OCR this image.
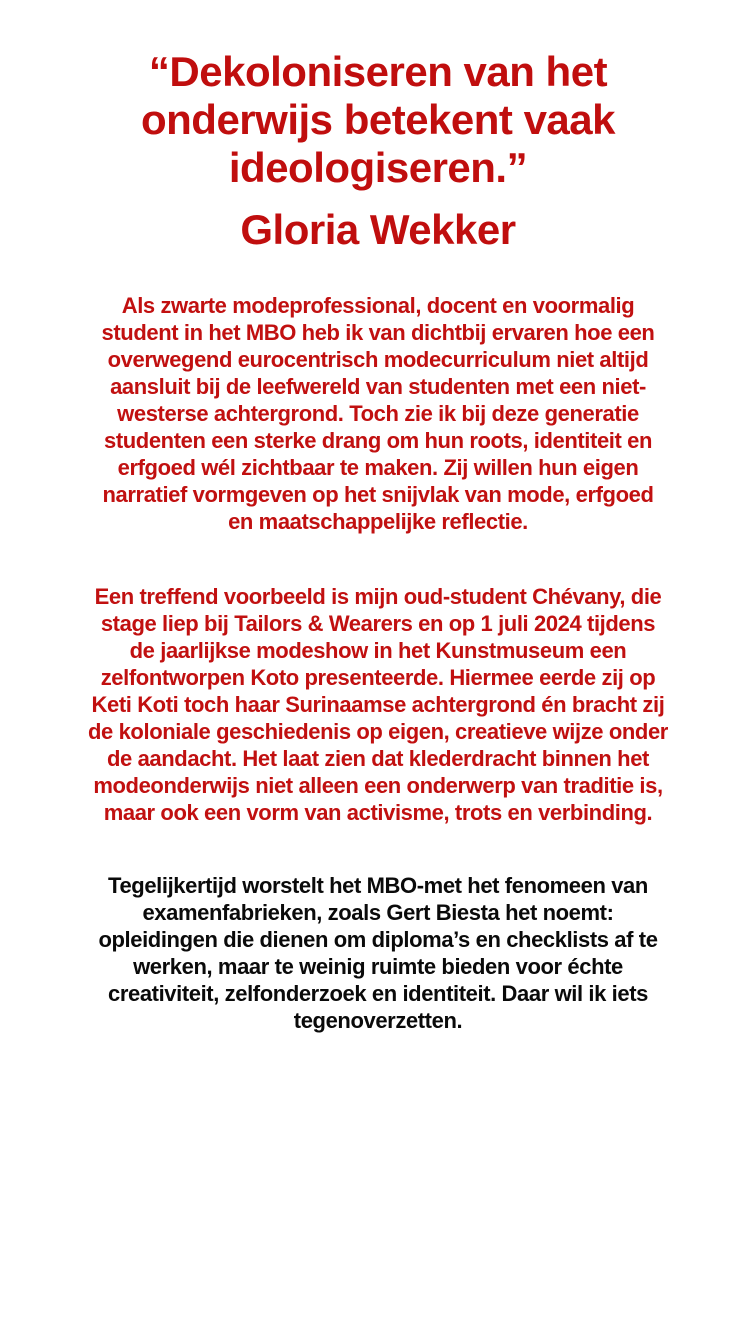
“Dekoloniseren van het
onderwijs betekent vaak
ideologiseren.”
Gloria Wekker

Als zwarte modeprofessional, docent en voormalig
student in het MBO heb ik van dichtbij ervaren hoe een
overwegend eurocentrisch modecurriculum niet altijd
aansluit bij de leefwereld van studenten met een niet-
westerse achtergrond. Toch zie ik bij deze generatie
studenten een sterke drang om hun roots, identiteit en
erfgoed wél zichtbaar te maken. Zij willen hun eigen
narratief vormgeven op het snijvlak van mode, erfgoed
en maatschappelijke reflectie.

Een treffend voorbeeld is mijn oud-student Chévany, die
stage liep bij Tailors & Wearers en op 1 juli 2024 tijdens
de jaarlijkse modeshow in het Kunstmuseum een
zelfontworpen Koto presenteerde. Hiermee eerde zij op
Keti Koti toch haar Surinaamse achtergrond én bracht zij
de koloniale geschiedenis op eigen, creatieve wijze onder
de aandacht. Het laat zien dat klederdracht binnen het
modeonderwijs niet alleen een onderwerp van traditie is,
maar ook een vorm van activisme, trots en verbinding.

Tegelijkertijd worstelt het MBO-met het fenomeen van
examenfabrieken, zoals Gert Biesta het noemt:
opleidingen die dienen om diploma’s en checklists af te
werken, maar te weinig ruimte bieden voor échte
creativiteit, zelfonderzoek en identiteit. Daar wil ik iets
tegenoverzetten.
